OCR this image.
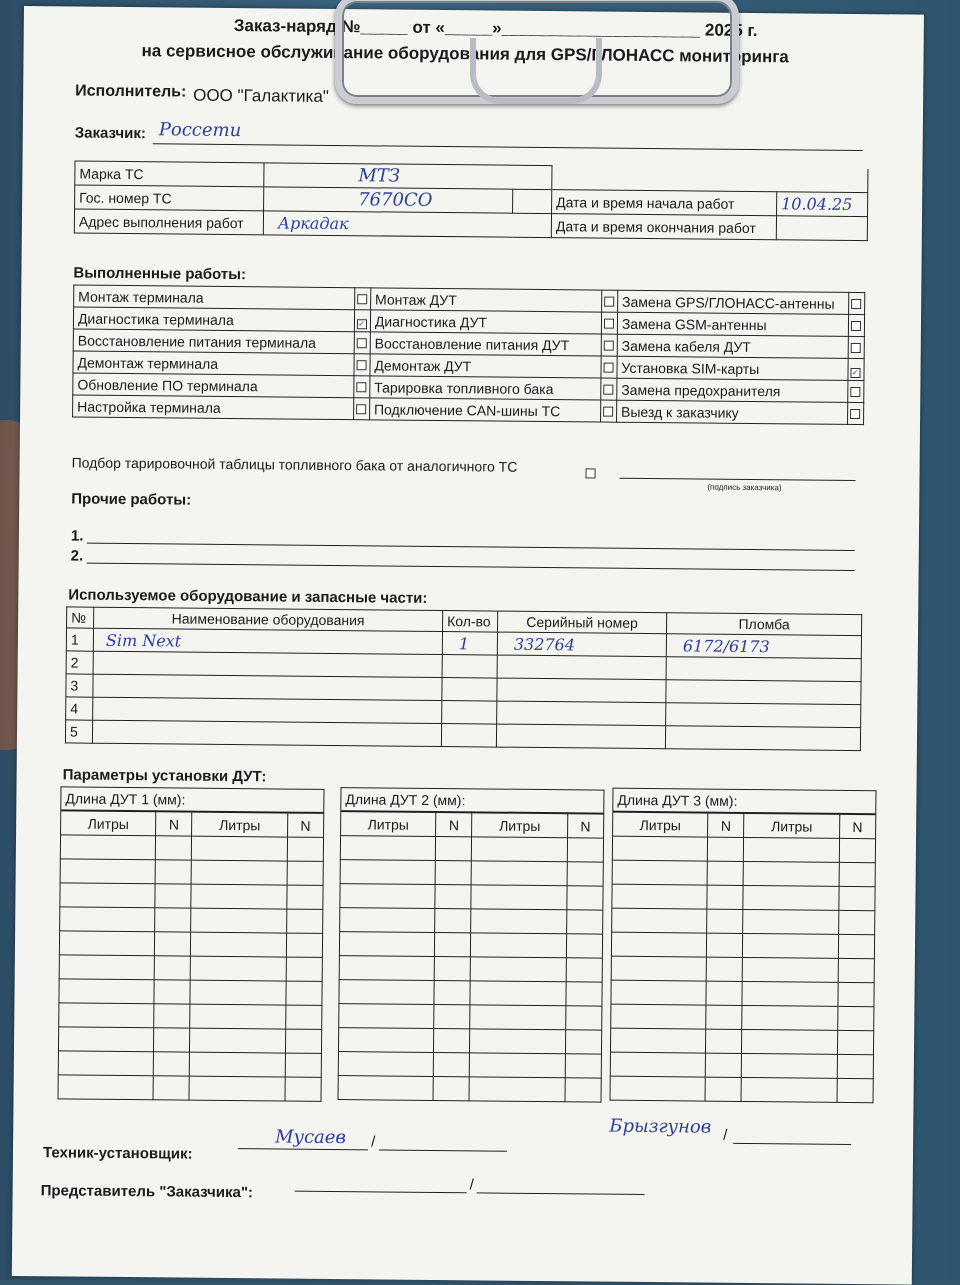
Заказ-наряд №_____ от «_____»_____________________ 2025 г.
на сервисное обслуживание оборудования для GPS/ГЛОНАСС мониторинга
Исполнитель: ООО "Галактика"
Заказчик: Россети
Марка ТС	МТЗ			
Гос. номер ТС	7670СО		Дата и время начала работ	10.04.25
Адрес выполнения работ	Аркадак		Дата и время окончания работ	
Выполненные работы:
Монтаж терминала		Монтаж ДУТ		Замена GPS/ГЛОНАСС-антенны	
Диагностика терминала	✓	Диагностика ДУТ		Замена GSM-антенны	
Восстановление питания терминала		Восстановление питания ДУТ		Замена кабеля ДУТ	
Демонтаж терминала		Демонтаж ДУТ		Установка SIM-карты	✓
Обновление ПО терминала		Тарировка топливного бака		Замена предохранителя	
Настройка терминала		Подключение CAN-шины ТС		Выезд к заказчику	
Подбор тарировочной таблицы топливного бака от аналогичного ТС
(подпись заказчика)
Прочие работы:
1.
2.
Используемое оборудование и запасные части:
№	Наименование оборудования	Кол-во	Серийный номер	Пломба
1	Sim Next	1	332764	6172/6173
2				
3				
4				
5				
Параметры установки ДУТ:
Длина ДУТ 1 (мм):			
Литры	N	Литры	N

Длина ДУТ 2 (мм):			
Литры	N	Литры	N

Длина ДУТ 3 (мм):			
Литры	N	Литры	N

Техник-установщик:
Мусаев /
Брызгунов /
Представитель "Заказчика":	/
